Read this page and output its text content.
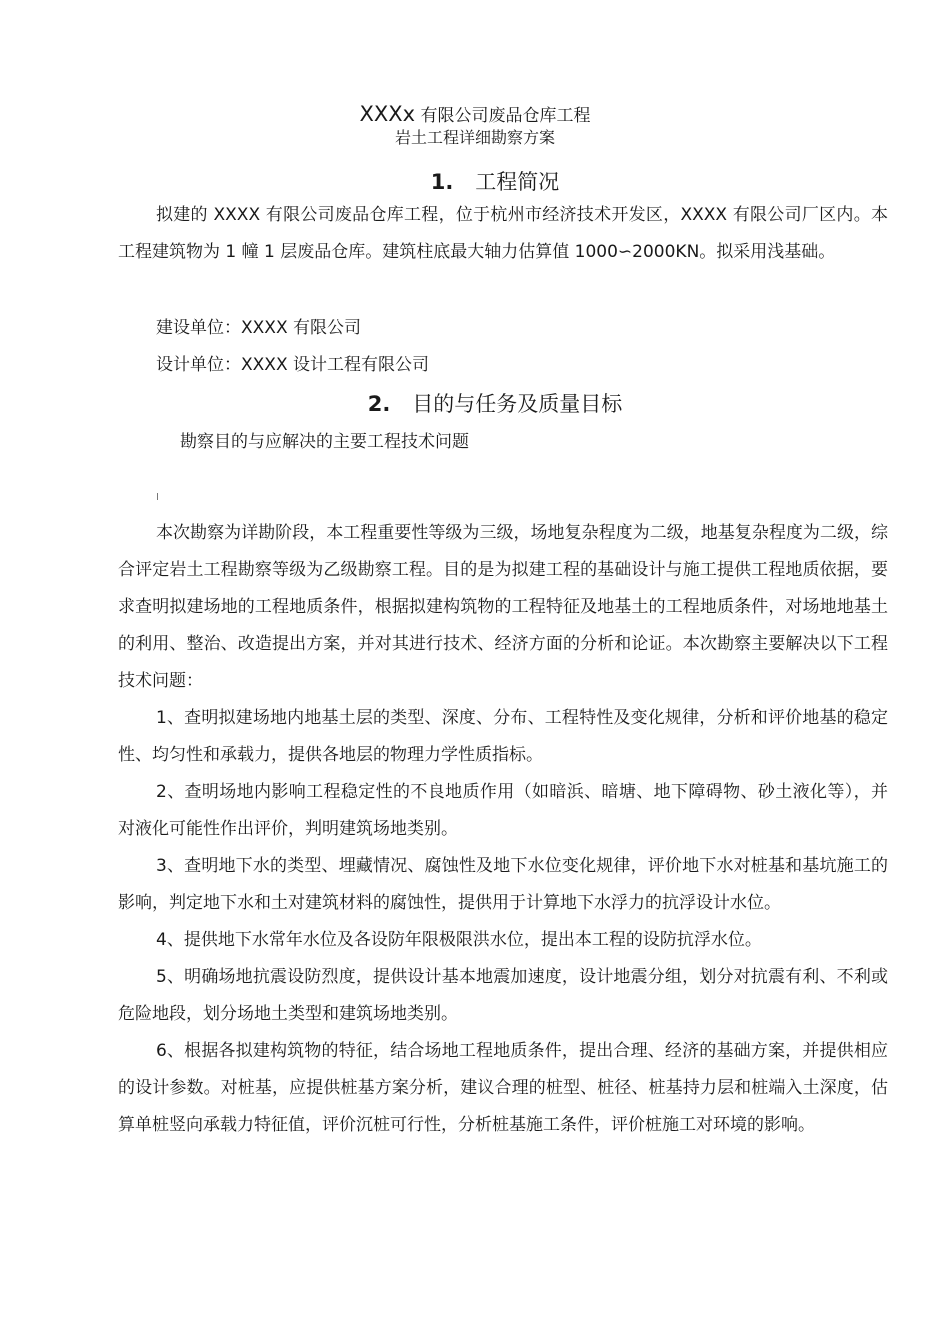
XXXx 有限公司废品仓库工程
岩土工程详细勘察方案
1. 工程简况

拟建的 XXXX 有限公司废品仓库工程，位于杭州市经济技术开发区，XXXX 有限公司厂区内。本工程建筑物为 1 幢 1 层废品仓库。建筑柱底最大轴力估算值 1000∽2000KN。拟采用浅基础。

建设单位：XXXX 有限公司
设计单位：XXXX 设计工程有限公司
2. 目的与任务及质量目标
勘察目的与应解决的主要工程技术问题

本次勘察为详勘阶段，本工程重要性等级为三级，场地复杂程度为二级，地基复杂程度为二级，综合评定岩土工程勘察等级为乙级勘察工程。目的是为拟建工程的基础设计与施工提供工程地质依据，要求查明拟建场地的工程地质条件，根据拟建构筑物的工程特征及地基土的工程地质条件，对场地地基土的利用、整治、改造提出方案，并对其进行技术、经济方面的分析和论证。本次勘察主要解决以下工程技术问题：

1、查明拟建场地内地基土层的类型、深度、分布、工程特性及变化规律，分析和评价地基的稳定性、均匀性和承载力，提供各地层的物理力学性质指标。

2、查明场地内影响工程稳定性的不良地质作用（如暗浜、暗塘、地下障碍物、砂土液化等），并对液化可能性作出评价，判明建筑场地类别。

3、查明地下水的类型、埋藏情况、腐蚀性及地下水位变化规律，评价地下水对桩基和基坑施工的影响，判定地下水和土对建筑材料的腐蚀性，提供用于计算地下水浮力的抗浮设计水位。

4、提供地下水常年水位及各设防年限极限洪水位，提出本工程的设防抗浮水位。

5、明确场地抗震设防烈度，提供设计基本地震加速度，设计地震分组，划分对抗震有利、不利或危险地段，划分场地土类型和建筑场地类别。

6、根据各拟建构筑物的特征，结合场地工程地质条件，提出合理、经济的基础方案，并提供相应的设计参数。对桩基，应提供桩基方案分析，建议合理的桩型、桩径、桩基持力层和桩端入土深度，估算单桩竖向承载力特征值，评价沉桩可行性，分析桩基施工条件，评价桩施工对环境的影响。
